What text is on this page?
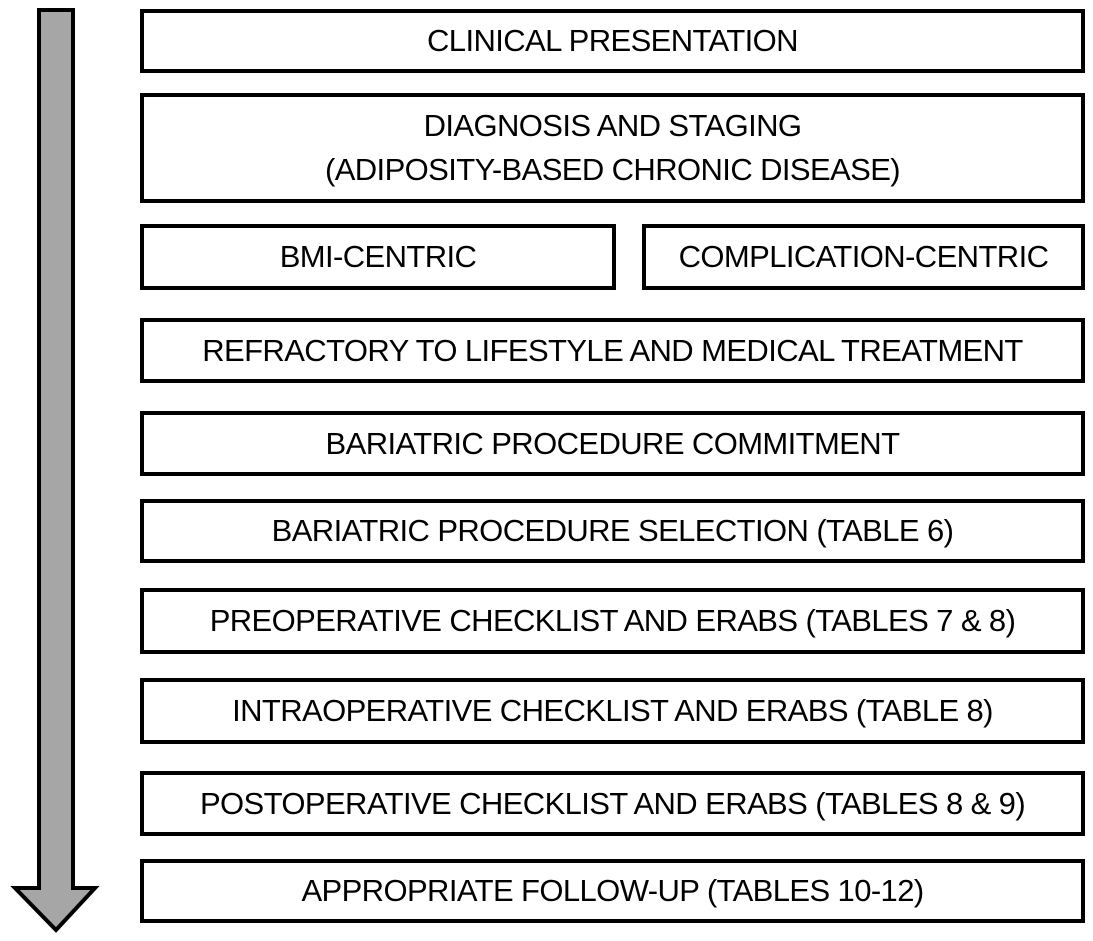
CLINICAL PRESENTATION
DIAGNOSIS AND STAGING
(ADIPOSITY-BASED CHRONIC DISEASE)
BMI-CENTRIC	COMPLICATION-CENTRIC
REFRACTORY TO LIFESTYLE AND MEDICAL TREATMENT
BARIATRIC PROCEDURE COMMITMENT
BARIATRIC PROCEDURE SELECTION (TABLE 6)
PREOPERATIVE CHECKLIST AND ERABS (TABLES 7 & 8)
INTRAOPERATIVE CHECKLIST AND ERABS (TABLE 8)
POSTOPERATIVE CHECKLIST AND ERABS (TABLES 8 & 9)
APPROPRIATE FOLLOW-UP (TABLES 10-12)
